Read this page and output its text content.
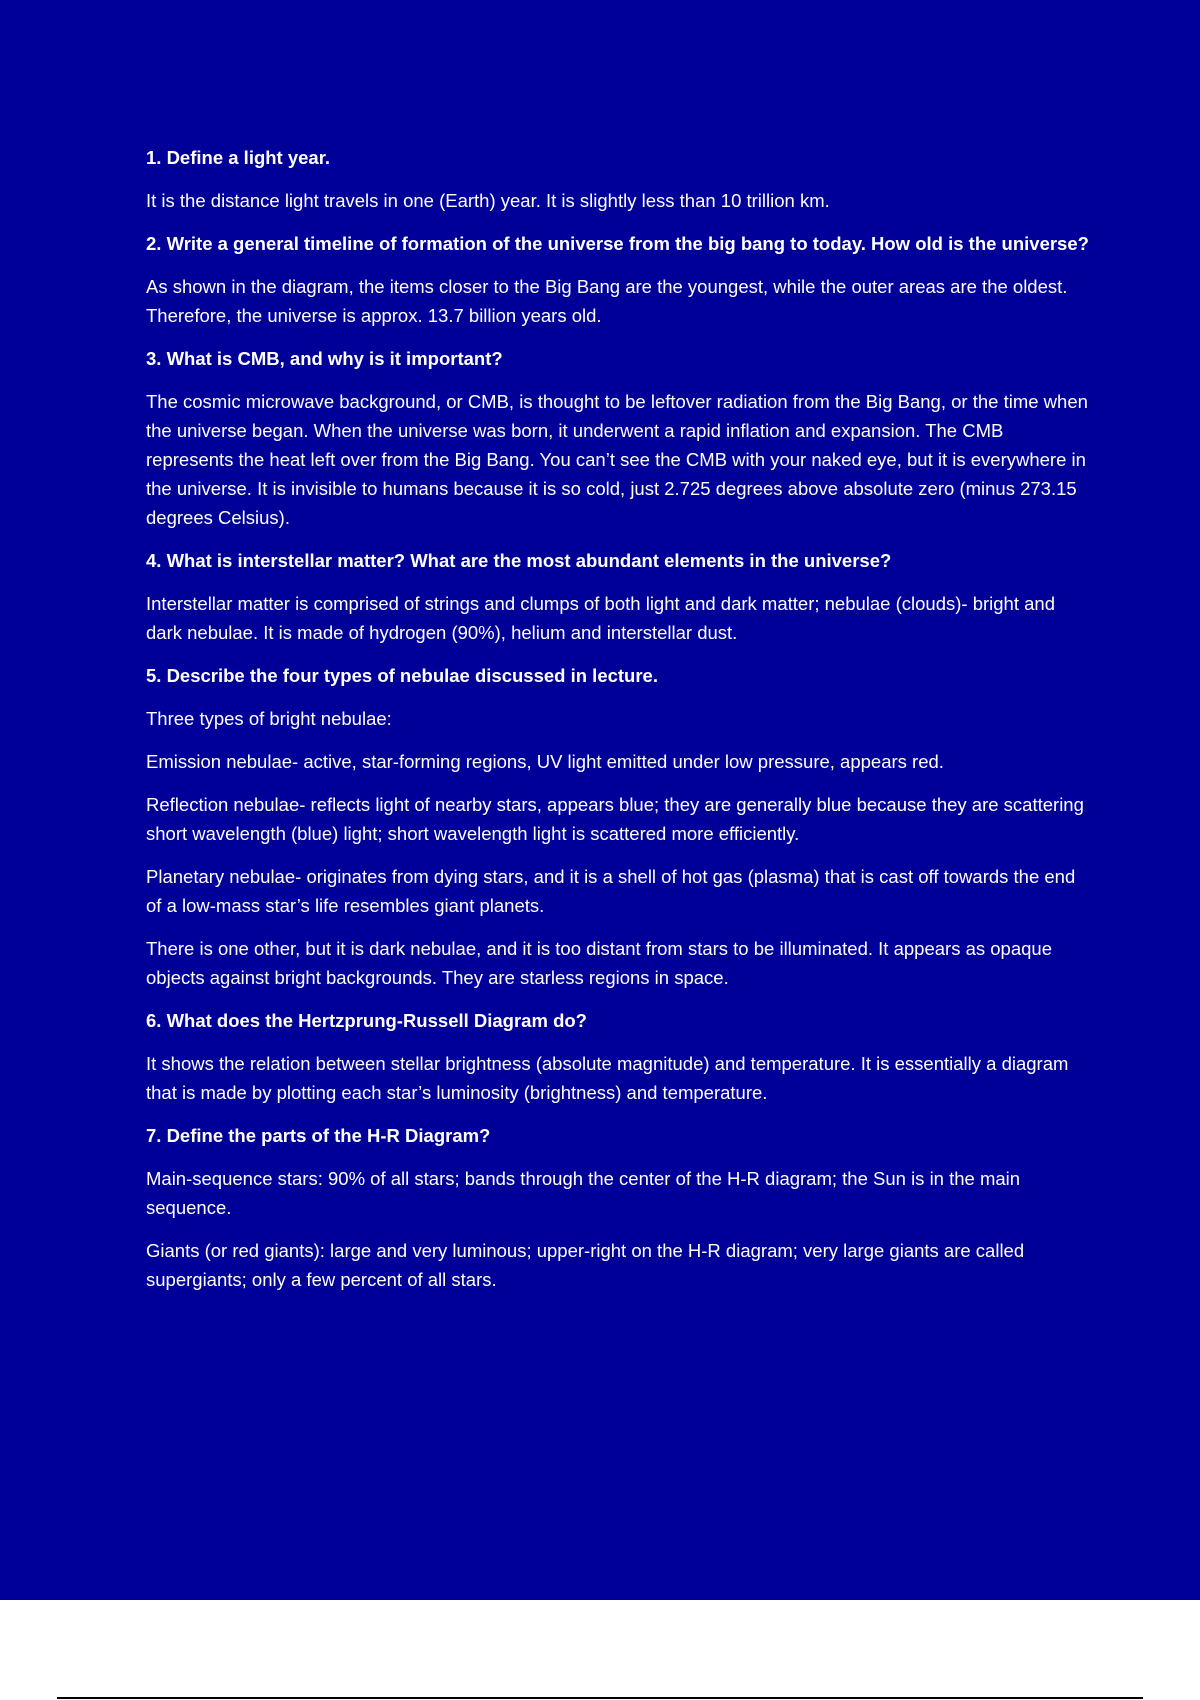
1. Define a light year.

It is the distance light travels in one (Earth) year. It is slightly less than 10 trillion km.

2. Write a general timeline of formation of the universe from the big bang to today. How old is the universe?

As shown in the diagram, the items closer to the Big Bang are the youngest, while the outer areas are the oldest. Therefore, the universe is approx. 13.7 billion years old.

3. What is CMB, and why is it important?

The cosmic microwave background, or CMB, is thought to be leftover radiation from the Big Bang, or the time when the universe began. When the universe was born, it underwent a rapid inflation and expansion. The CMB represents the heat left over from the Big Bang. You can’t see the CMB with your naked eye, but it is everywhere in the universe. It is invisible to humans because it is so cold, just 2.725 degrees above absolute zero (minus 273.15 degrees Celsius).

4. What is interstellar matter? What are the most abundant elements in the universe?

Interstellar matter is comprised of strings and clumps of both light and dark matter; nebulae (clouds)- bright and dark nebulae. It is made of hydrogen (90%), helium and interstellar dust.

5. Describe the four types of nebulae discussed in lecture.

Three types of bright nebulae:

Emission nebulae- active, star-forming regions, UV light emitted under low pressure, appears red.

Reflection nebulae- reflects light of nearby stars, appears blue; they are generally blue because they are scattering short wavelength (blue) light; short wavelength light is scattered more efficiently.

Planetary nebulae- originates from dying stars, and it is a shell of hot gas (plasma) that is cast off towards the end of a low-mass star’s life resembles giant planets.

There is one other, but it is dark nebulae, and it is too distant from stars to be illuminated. It appears as opaque objects against bright backgrounds. They are starless regions in space.

6. What does the Hertzprung-Russell Diagram do?

It shows the relation between stellar brightness (absolute magnitude) and temperature. It is essentially a diagram that is made by plotting each star’s luminosity (brightness) and temperature.

7. Define the parts of the H-R Diagram?

Main-sequence stars: 90% of all stars; bands through the center of the H-R diagram; the Sun is in the main sequence.

Giants (or red giants): large and very luminous; upper-right on the H-R diagram; very large giants are called supergiants; only a few percent of all stars.
